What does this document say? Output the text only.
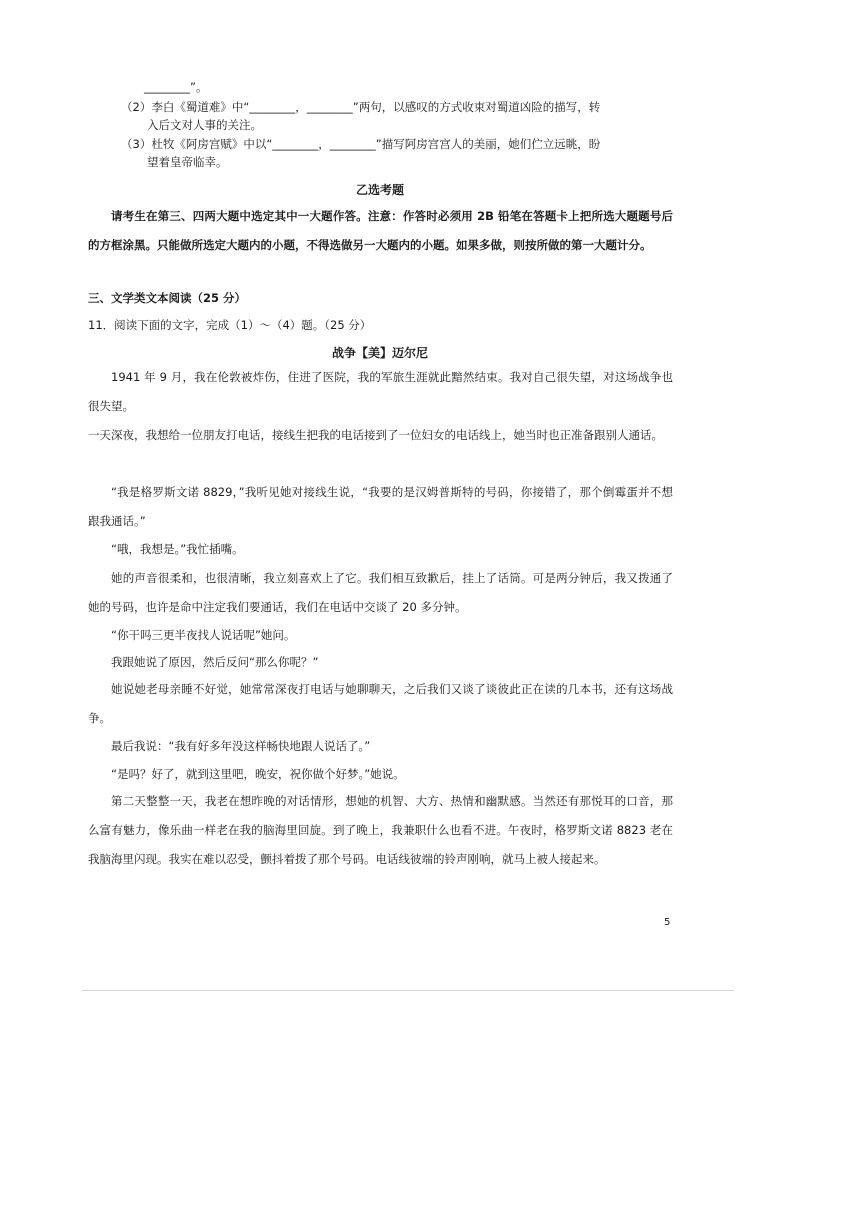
________”。
（2）李白《蜀道难》中“________，________”两句，以感叹的方式收束对蜀道凶险的描写，转
入后文对人事的关注。
（3）杜牧《阿房宫赋》中以“________，________”描写阿房宫宫人的美丽，她们伫立远眺，盼
望着皇帝临幸。
乙选考题
请考生在第三、四两大题中选定其中一大题作答。注意：作答时必须用 2B 铅笔在答题卡上把所选大题题号后的方框涂黑。只能做所选定大题内的小题，不得选做另一大题内的小题。如果多做，则按所做的第一大题计分。
三、文学类文本阅读（25 分）
11．阅读下面的文字，完成（1）～（4）题。（25 分）
战争【美】迈尔尼
1941 年 9 月，我在伦敦被炸伤，住进了医院，我的军旅生涯就此黯然结束。我对自己很失望，对这场战争也很失望。
一天深夜，我想给一位朋友打电话，接线生把我的电话接到了一位妇女的电话线上，她当时也正准备跟别人通话。
“我是格罗斯文诺 8829，”我听见她对接线生说，“我要的是汉姆普斯特的号码，你接错了，那个倒霉蛋并不想跟我通话。”
“哦，我想是。”我忙插嘴。
她的声音很柔和，也很清晰，我立刻喜欢上了它。我们相互致歉后，挂上了话筒。可是两分钟后，我又拨通了她的号码，也许是命中注定我们要通话，我们在电话中交谈了 20 多分钟。
“你干吗三更半夜找人说话呢”她问。
我跟她说了原因，然后反问“那么你呢？”
她说她老母亲睡不好觉，她常常深夜打电话与她聊聊天，之后我们又谈了谈彼此正在读的几本书，还有这场战争。
最后我说：“我有好多年没这样畅快地跟人说话了。”
“是吗？好了，就到这里吧，晚安，祝你做个好梦。”她说。
第二天整整一天，我老在想昨晚的对话情形，想她的机智、大方、热情和幽默感。当然还有那悦耳的口音，那么富有魅力，像乐曲一样老在我的脑海里回旋。到了晚上，我兼职什么也看不进。午夜时，格罗斯文诺 8823 老在我脑海里闪现。我实在难以忍受，颤抖着拨了那个号码。电话线彼端的铃声刚响，就马上被人接起来。
5
